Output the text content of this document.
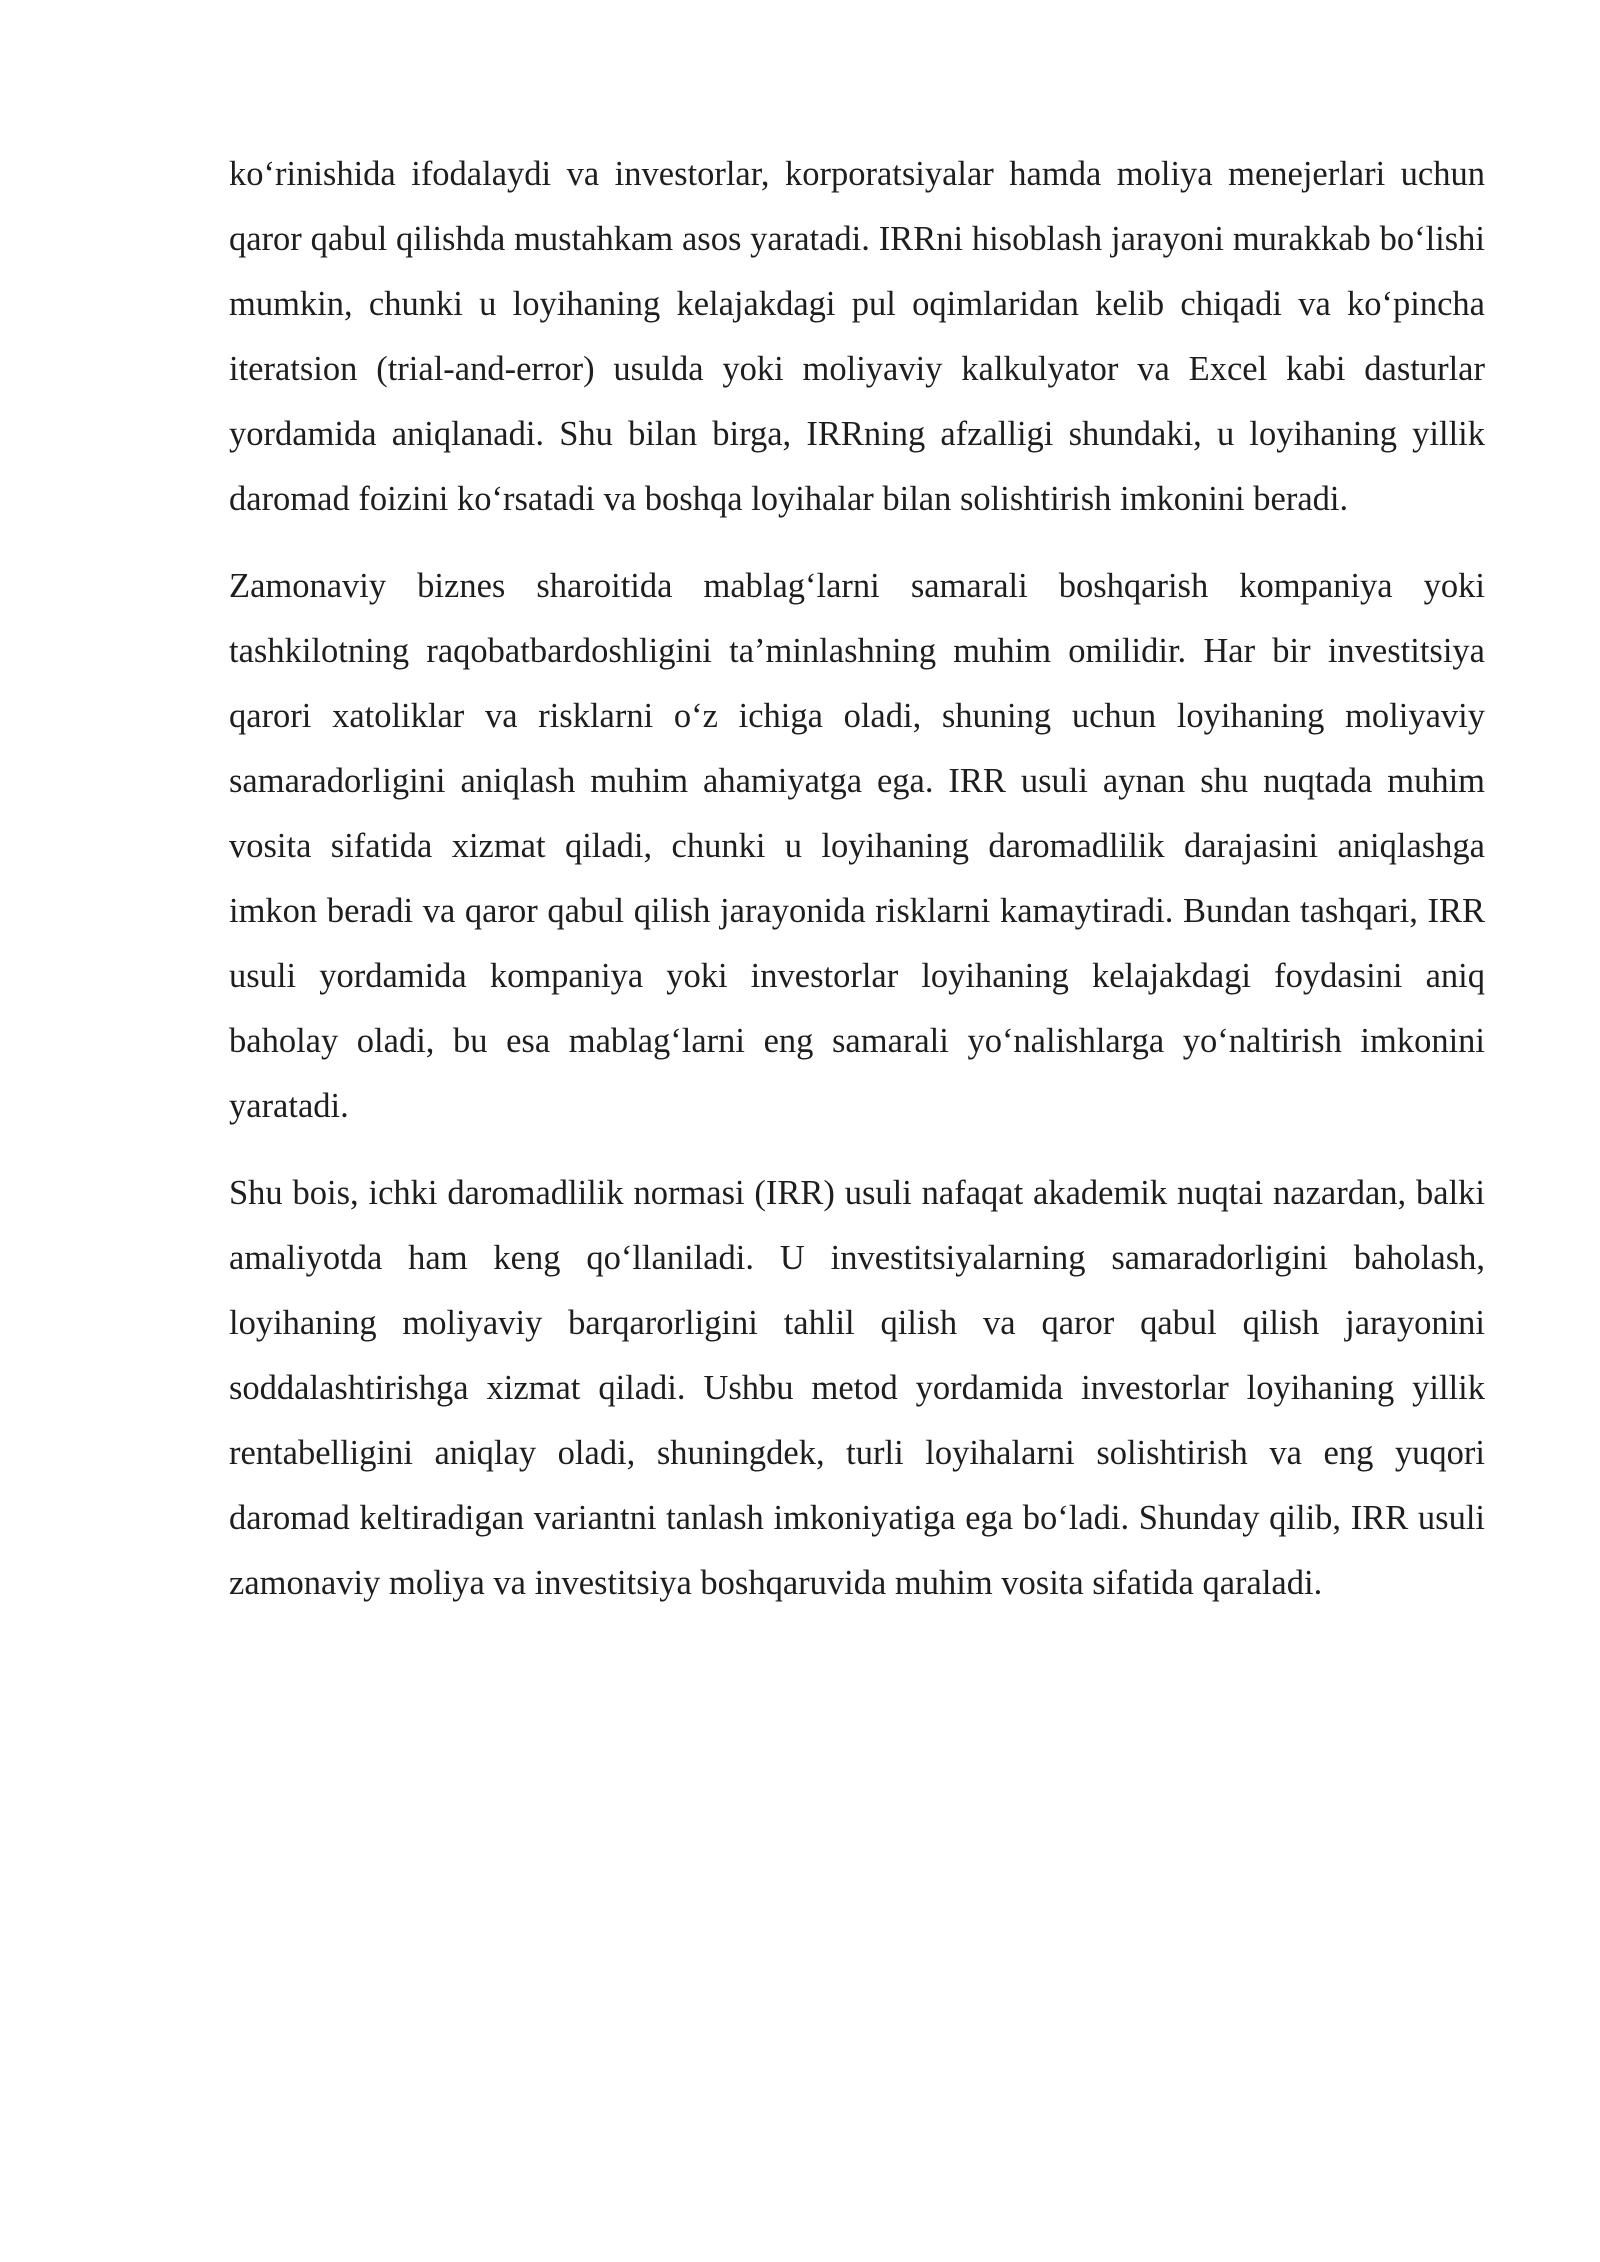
ko‘rinishida ifodalaydi va investorlar, korporatsiyalar hamda moliya menejerlari uchun qaror qabul qilishda mustahkam asos yaratadi. IRRni hisoblash jarayoni murakkab bo‘lishi mumkin, chunki u loyihaning kelajakdagi pul oqimlaridan kelib chiqadi va ko‘pincha iteratsion (trial-and-error) usulda yoki moliyaviy kalkulyator va Excel kabi dasturlar yordamida aniqlanadi. Shu bilan birga, IRRning afzalligi shundaki, u loyihaning yillik daromad foizini ko‘rsatadi va boshqa loyihalar bilan solishtirish imkonini beradi.

Zamonaviy biznes sharoitida mablag‘larni samarali boshqarish kompaniya yoki tashkilotning raqobatbardoshligini ta’minlashning muhim omilidir. Har bir investitsiya qarori xatoliklar va risklarni o‘z ichiga oladi, shuning uchun loyihaning moliyaviy samaradorligini aniqlash muhim ahamiyatga ega. IRR usuli aynan shu nuqtada muhim vosita sifatida xizmat qiladi, chunki u loyihaning daromadlilik darajasini aniqlashga imkon beradi va qaror qabul qilish jarayonida risklarni kamaytiradi. Bundan tashqari, IRR usuli yordamida kompaniya yoki investorlar loyihaning kelajakdagi foydasini aniq baholay oladi, bu esa mablag‘larni eng samarali yo‘nalishlarga yo‘naltirish imkonini yaratadi.

Shu bois, ichki daromadlilik normasi (IRR) usuli nafaqat akademik nuqtai nazardan, balki amaliyotda ham keng qo‘llaniladi. U investitsiyalarning samaradorligini baholash, loyihaning moliyaviy barqarorligini tahlil qilish va qaror qabul qilish jarayonini soddalashtirishga xizmat qiladi. Ushbu metod yordamida investorlar loyihaning yillik rentabelligini aniqlay oladi, shuningdek, turli loyihalarni solishtirish va eng yuqori daromad keltiradigan variantni tanlash imkoniyatiga ega bo‘ladi. Shunday qilib, IRR usuli zamonaviy moliya va investitsiya boshqaruvida muhim vosita sifatida qaraladi.
